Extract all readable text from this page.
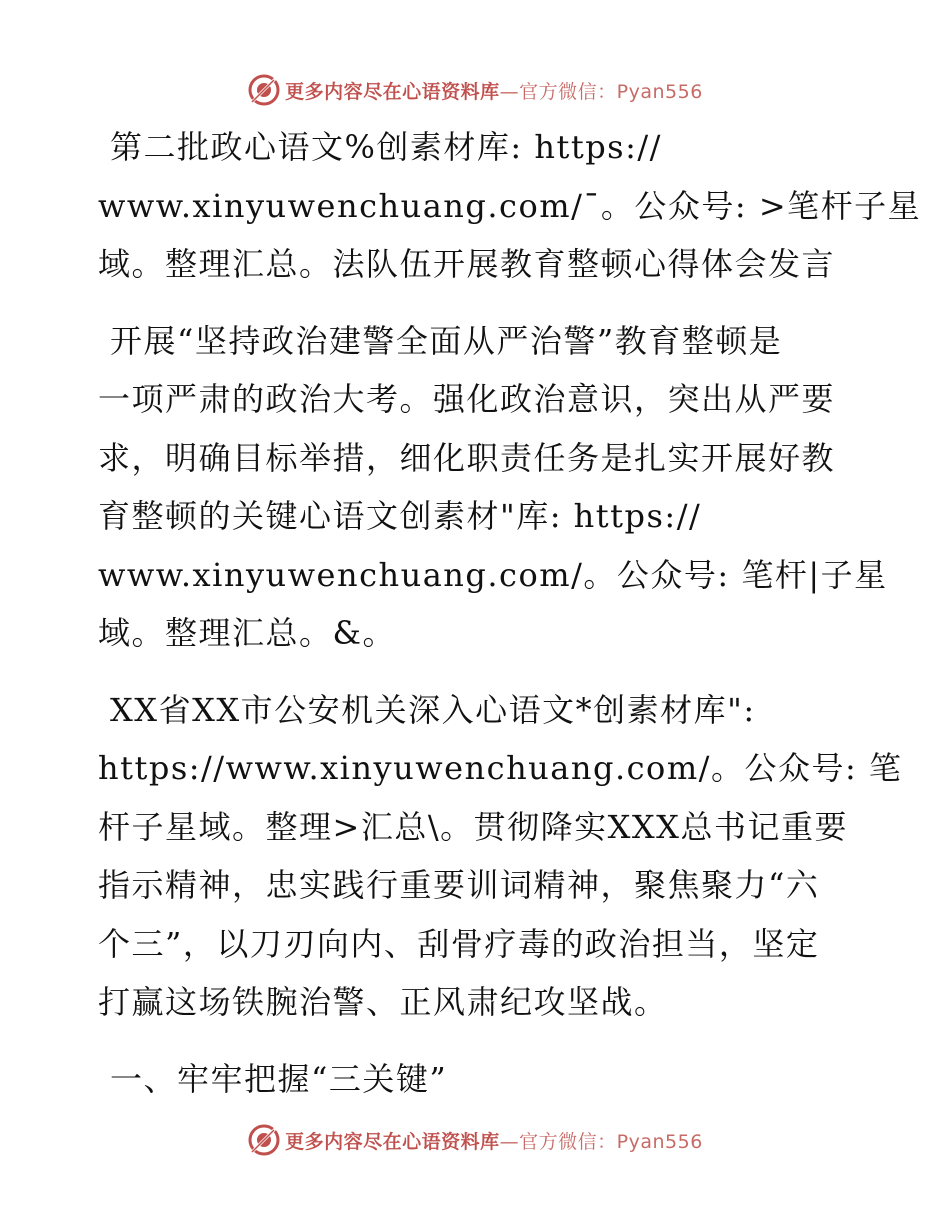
更多内容尽在心语资料库—官方微信：Pyan556
第二批政心语文%创素材库: https://
www.xinyuwenchuang.com/¯。公众号: >笔杆子星
域。整理汇总。法队伍开展教育整顿心得体会发言
开展“坚持政治建警全面从严治警”教育整顿是
一项严肃的政治大考。强化政治意识，突出从严要
求，明确目标举措，细化职责任务是扎实开展好教
育整顿的关键心语文创素材"库: https://
www.xinyuwenchuang.com/。公众号: 笔杆|子星
域。整理汇总。&。
XX省XX市公安机关深入心语文*创素材库":
https://www.xinyuwenchuang.com/。公众号: 笔
杆子星域。整理>汇总\。贯彻降实XXX总书记重要
指示精神，忠实践行重要训词精神，聚焦聚力“六
个三”，以刀刃向内、刮骨疗毒的政治担当，坚定
打赢这场铁腕治警、正风肃纪攻坚战。
一、牢牢把握“三关键”
更多内容尽在心语资料库—官方微信：Pyan556
